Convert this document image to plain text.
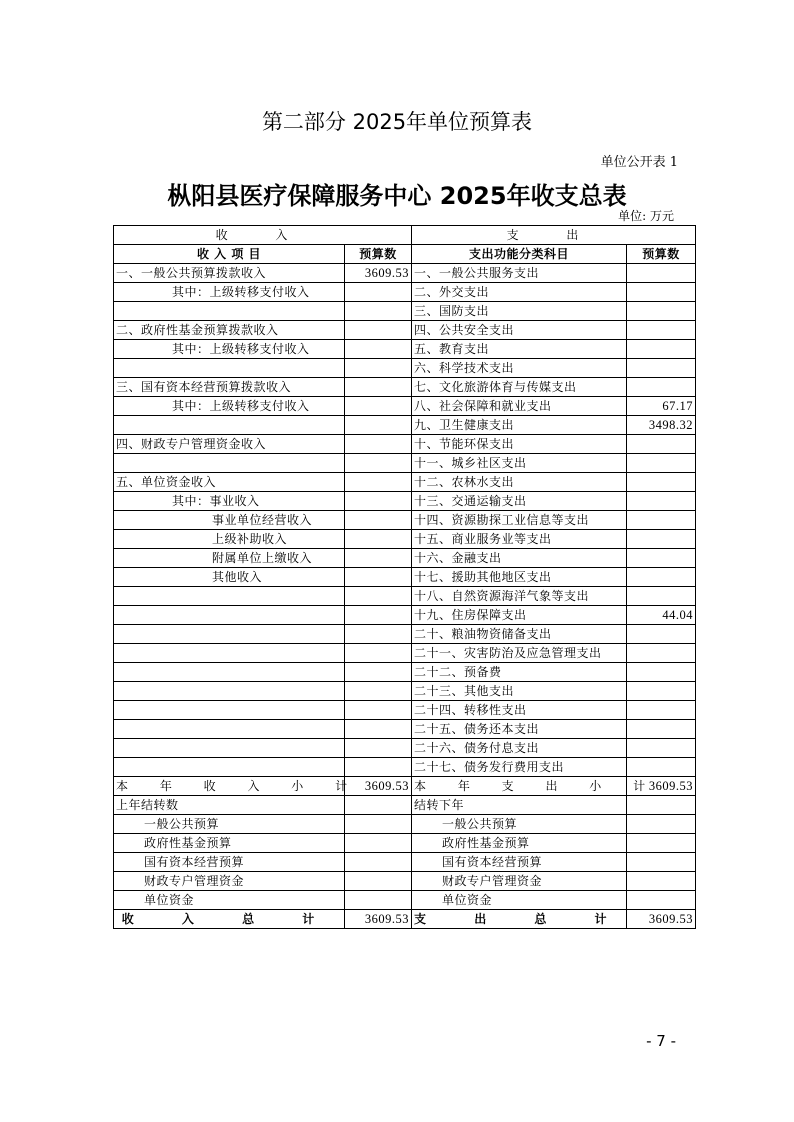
第二部分 2025年单位预算表
单位公开表 1
枞阳县医疗保障服务中心 2025年收支总表
单位: 万元
收 入		支 出	
收 入 项 目	预算数	支出功能分类科目	预算数
一、一般公共预算拨款收入	3609.53	一、一般公共服务支出	
其中：上级转移支付收入		二、外交支出	
		三、国防支出	
二、政府性基金预算拨款收入		四、公共安全支出	
其中：上级转移支付收入		五、教育支出	
		六、科学技术支出	
三、国有资本经营预算拨款收入		七、文化旅游体育与传媒支出	
其中：上级转移支付收入		八、社会保障和就业支出	67.17
		九、卫生健康支出	3498.32
四、财政专户管理资金收入		十、节能环保支出	
		十一、城乡社区支出	
五、单位资金收入		十二、农林水支出	
其中：事业收入		十三、交通运输支出	
事业单位经营收入		十四、资源勘探工业信息等支出	
上级补助收入		十五、商业服务业等支出	
附属单位上缴收入		十六、金融支出	
其他收入		十七、援助其他地区支出	
		十八、自然资源海洋气象等支出	
		十九、住房保障支出	44.04
		二十、粮油物资储备支出	
		二十一、灾害防治及应急管理支出	
		二十二、预备费	
		二十三、其他支出	
		二十四、转移性支出	
		二十五、债务还本支出	
		二十六、债务付息支出	
		二十七、债务发行费用支出	
本 年 收 入 小 计	3609.53	本 年 支 出 小 计	3609.53
上年结转数		结转下年	
一般公共预算		一般公共预算	
政府性基金预算		政府性基金预算	
国有资本经营预算		国有资本经营预算	
财政专户管理资金		财政专户管理资金	
单位资金		单位资金	
收 入 总 计	3609.53	支 出 总 计	3609.53
- 7 -
